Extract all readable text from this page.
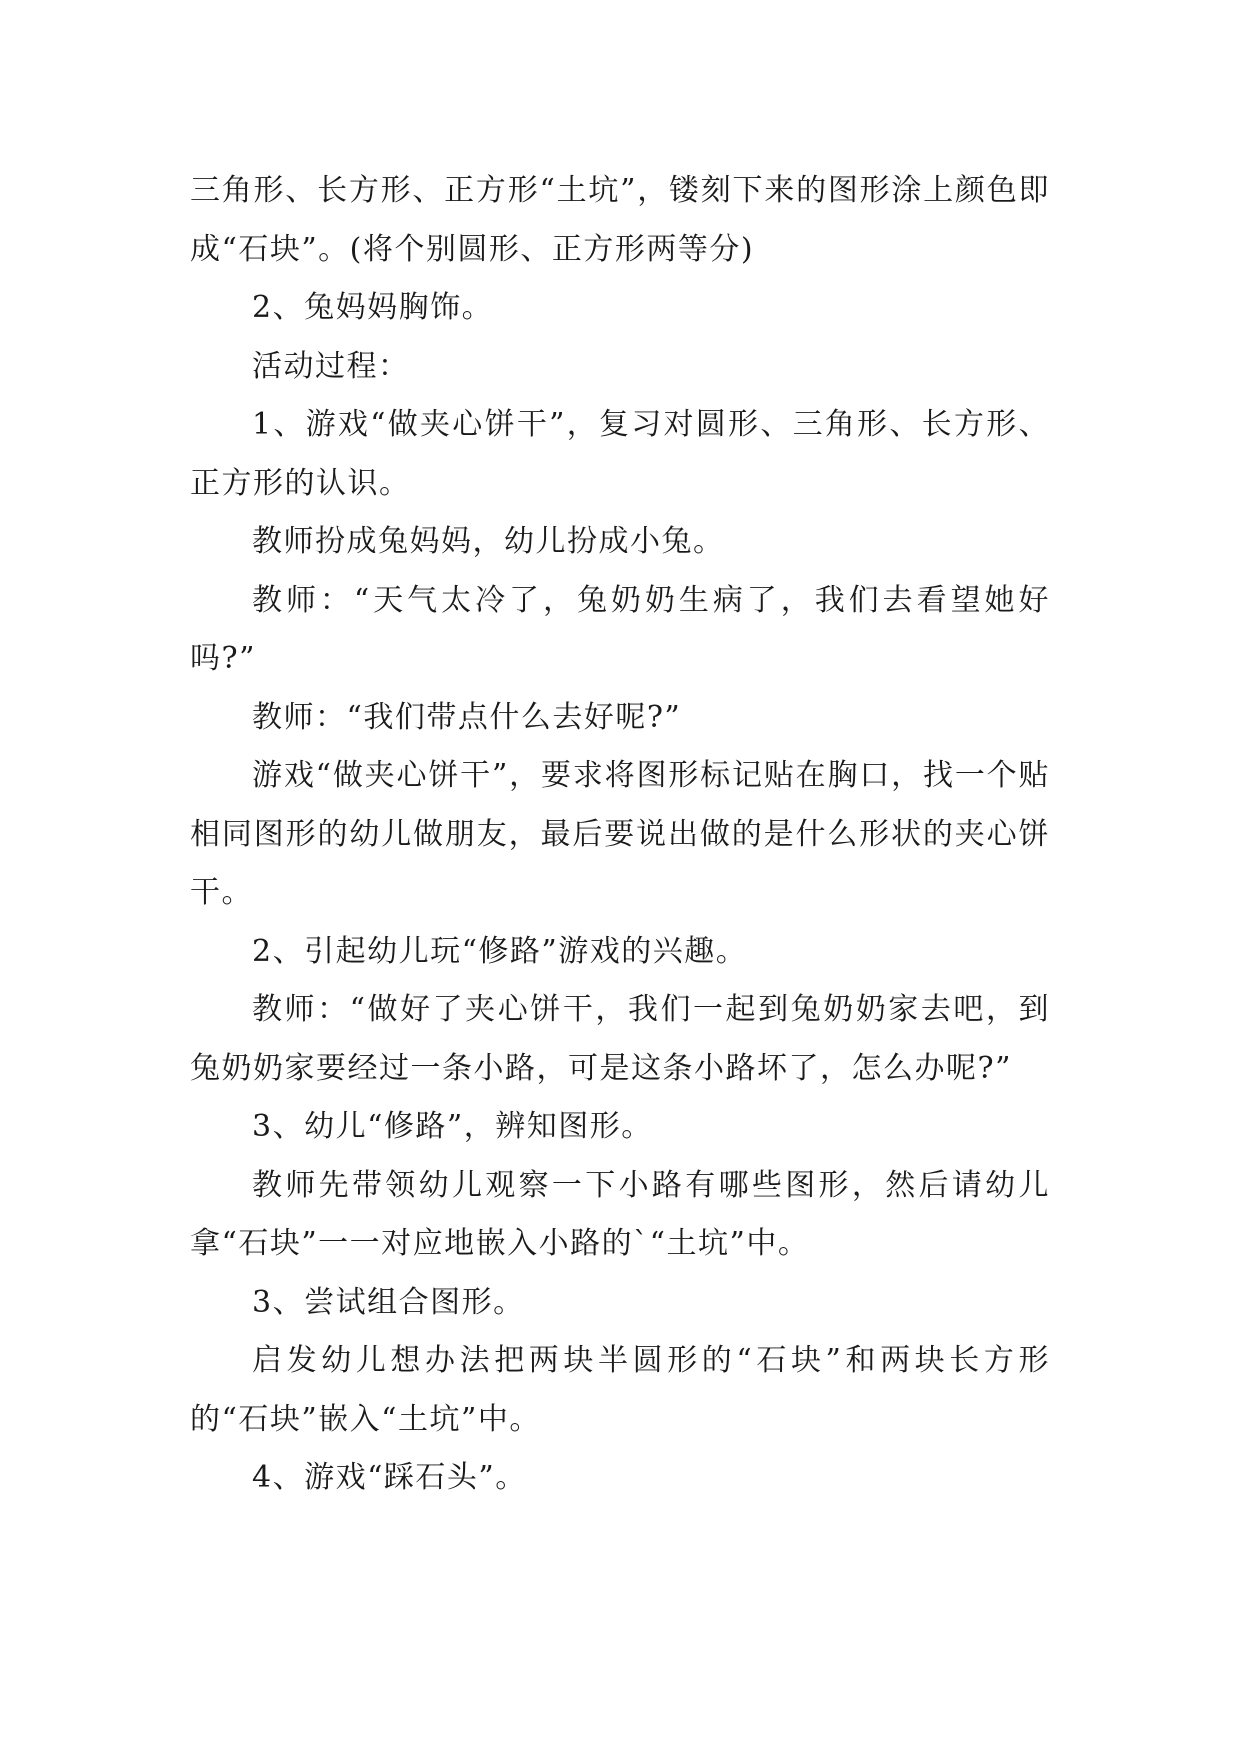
三角形、长方形、正方形“土坑”，镂刻下来的图形涂上颜色即成“石块”。(将个别圆形、正方形两等分)

2、兔妈妈胸饰。

活动过程：

1、游戏“做夹心饼干”，复习对圆形、三角形、长方形、正方形的认识。

教师扮成兔妈妈，幼儿扮成小兔。

教师：“天气太冷了，兔奶奶生病了，我们去看望她好吗?”

教师：“我们带点什么去好呢?”

游戏“做夹心饼干”，要求将图形标记贴在胸口，找一个贴相同图形的幼儿做朋友，最后要说出做的是什么形状的夹心饼干。

2、引起幼儿玩“修路”游戏的兴趣。

教师：“做好了夹心饼干，我们一起到兔奶奶家去吧，到兔奶奶家要经过一条小路，可是这条小路坏了，怎么办呢?”

3、幼儿“修路”，辨知图形。

教师先带领幼儿观察一下小路有哪些图形，然后请幼儿拿“石块”一一对应地嵌入小路的`“土坑”中。

3、尝试组合图形。

启发幼儿想办法把两块半圆形的“石块”和两块长方形的“石块”嵌入“土坑”中。

4、游戏“踩石头”。
